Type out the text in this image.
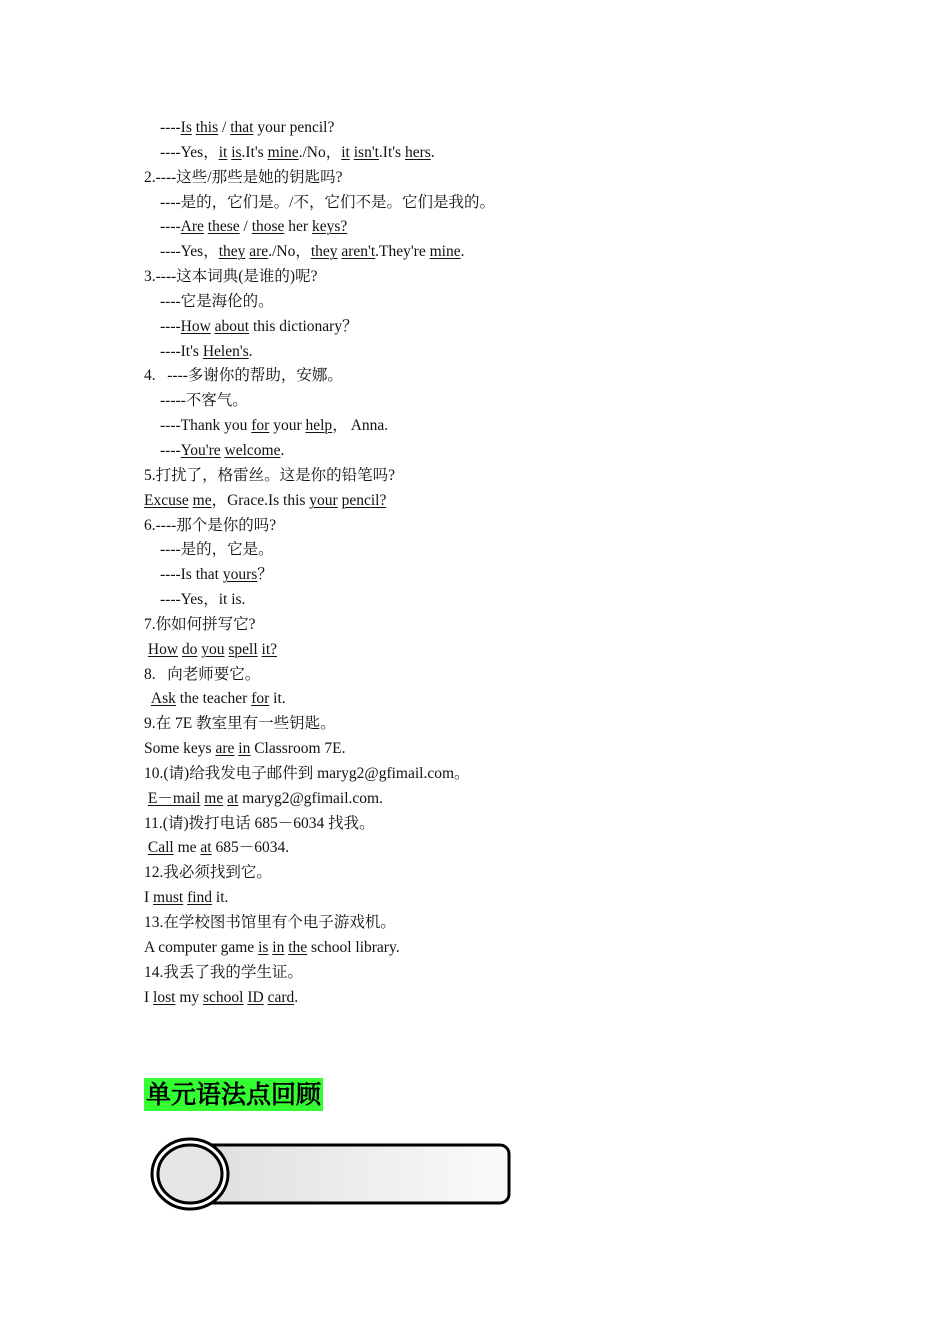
----Is this / that your pencil?
----Yes，it is.It's mine./No，it isn't.It's hers.
2.----这些/那些是她的钥匙吗?
----是的，它们是。/不，它们不是。它们是我的。
----Are these / those her keys?
----Yes，they are./No，they aren't.They're mine.
3.----这本词典(是谁的)呢?
----它是海伦的。
----How about this dictionary？
----It's Helen's.
4.   ----多谢你的帮助，安娜。
-----不客气。
----Thank you for your help， Anna.
----You're welcome.
5.打扰了，格雷丝。这是你的铅笔吗?
Excuse me，Grace.Is this your pencil?
6.----那个是你的吗?
----是的，它是。
----Is that yours？
----Yes，it is.
7.你如何拼写它?
How do you spell it?
8.   向老师要它。
Ask the teacher for it.
9.在 7E 教室里有一些钥匙。
Some keys are in Classroom 7E.
10.(请)给我发电子邮件到 maryg2@gfimail.com。
E－mail me at maryg2@gfimail.com.
11.(请)拨打电话 685－6034 找我。
Call me at 685－6034.
12.我必须找到它。
I must find it.
13.在学校图书馆里有个电子游戏机。
A computer game is in the school library.
14.我丢了我的学生证。
I lost my school ID card.
单元语法点回顾
